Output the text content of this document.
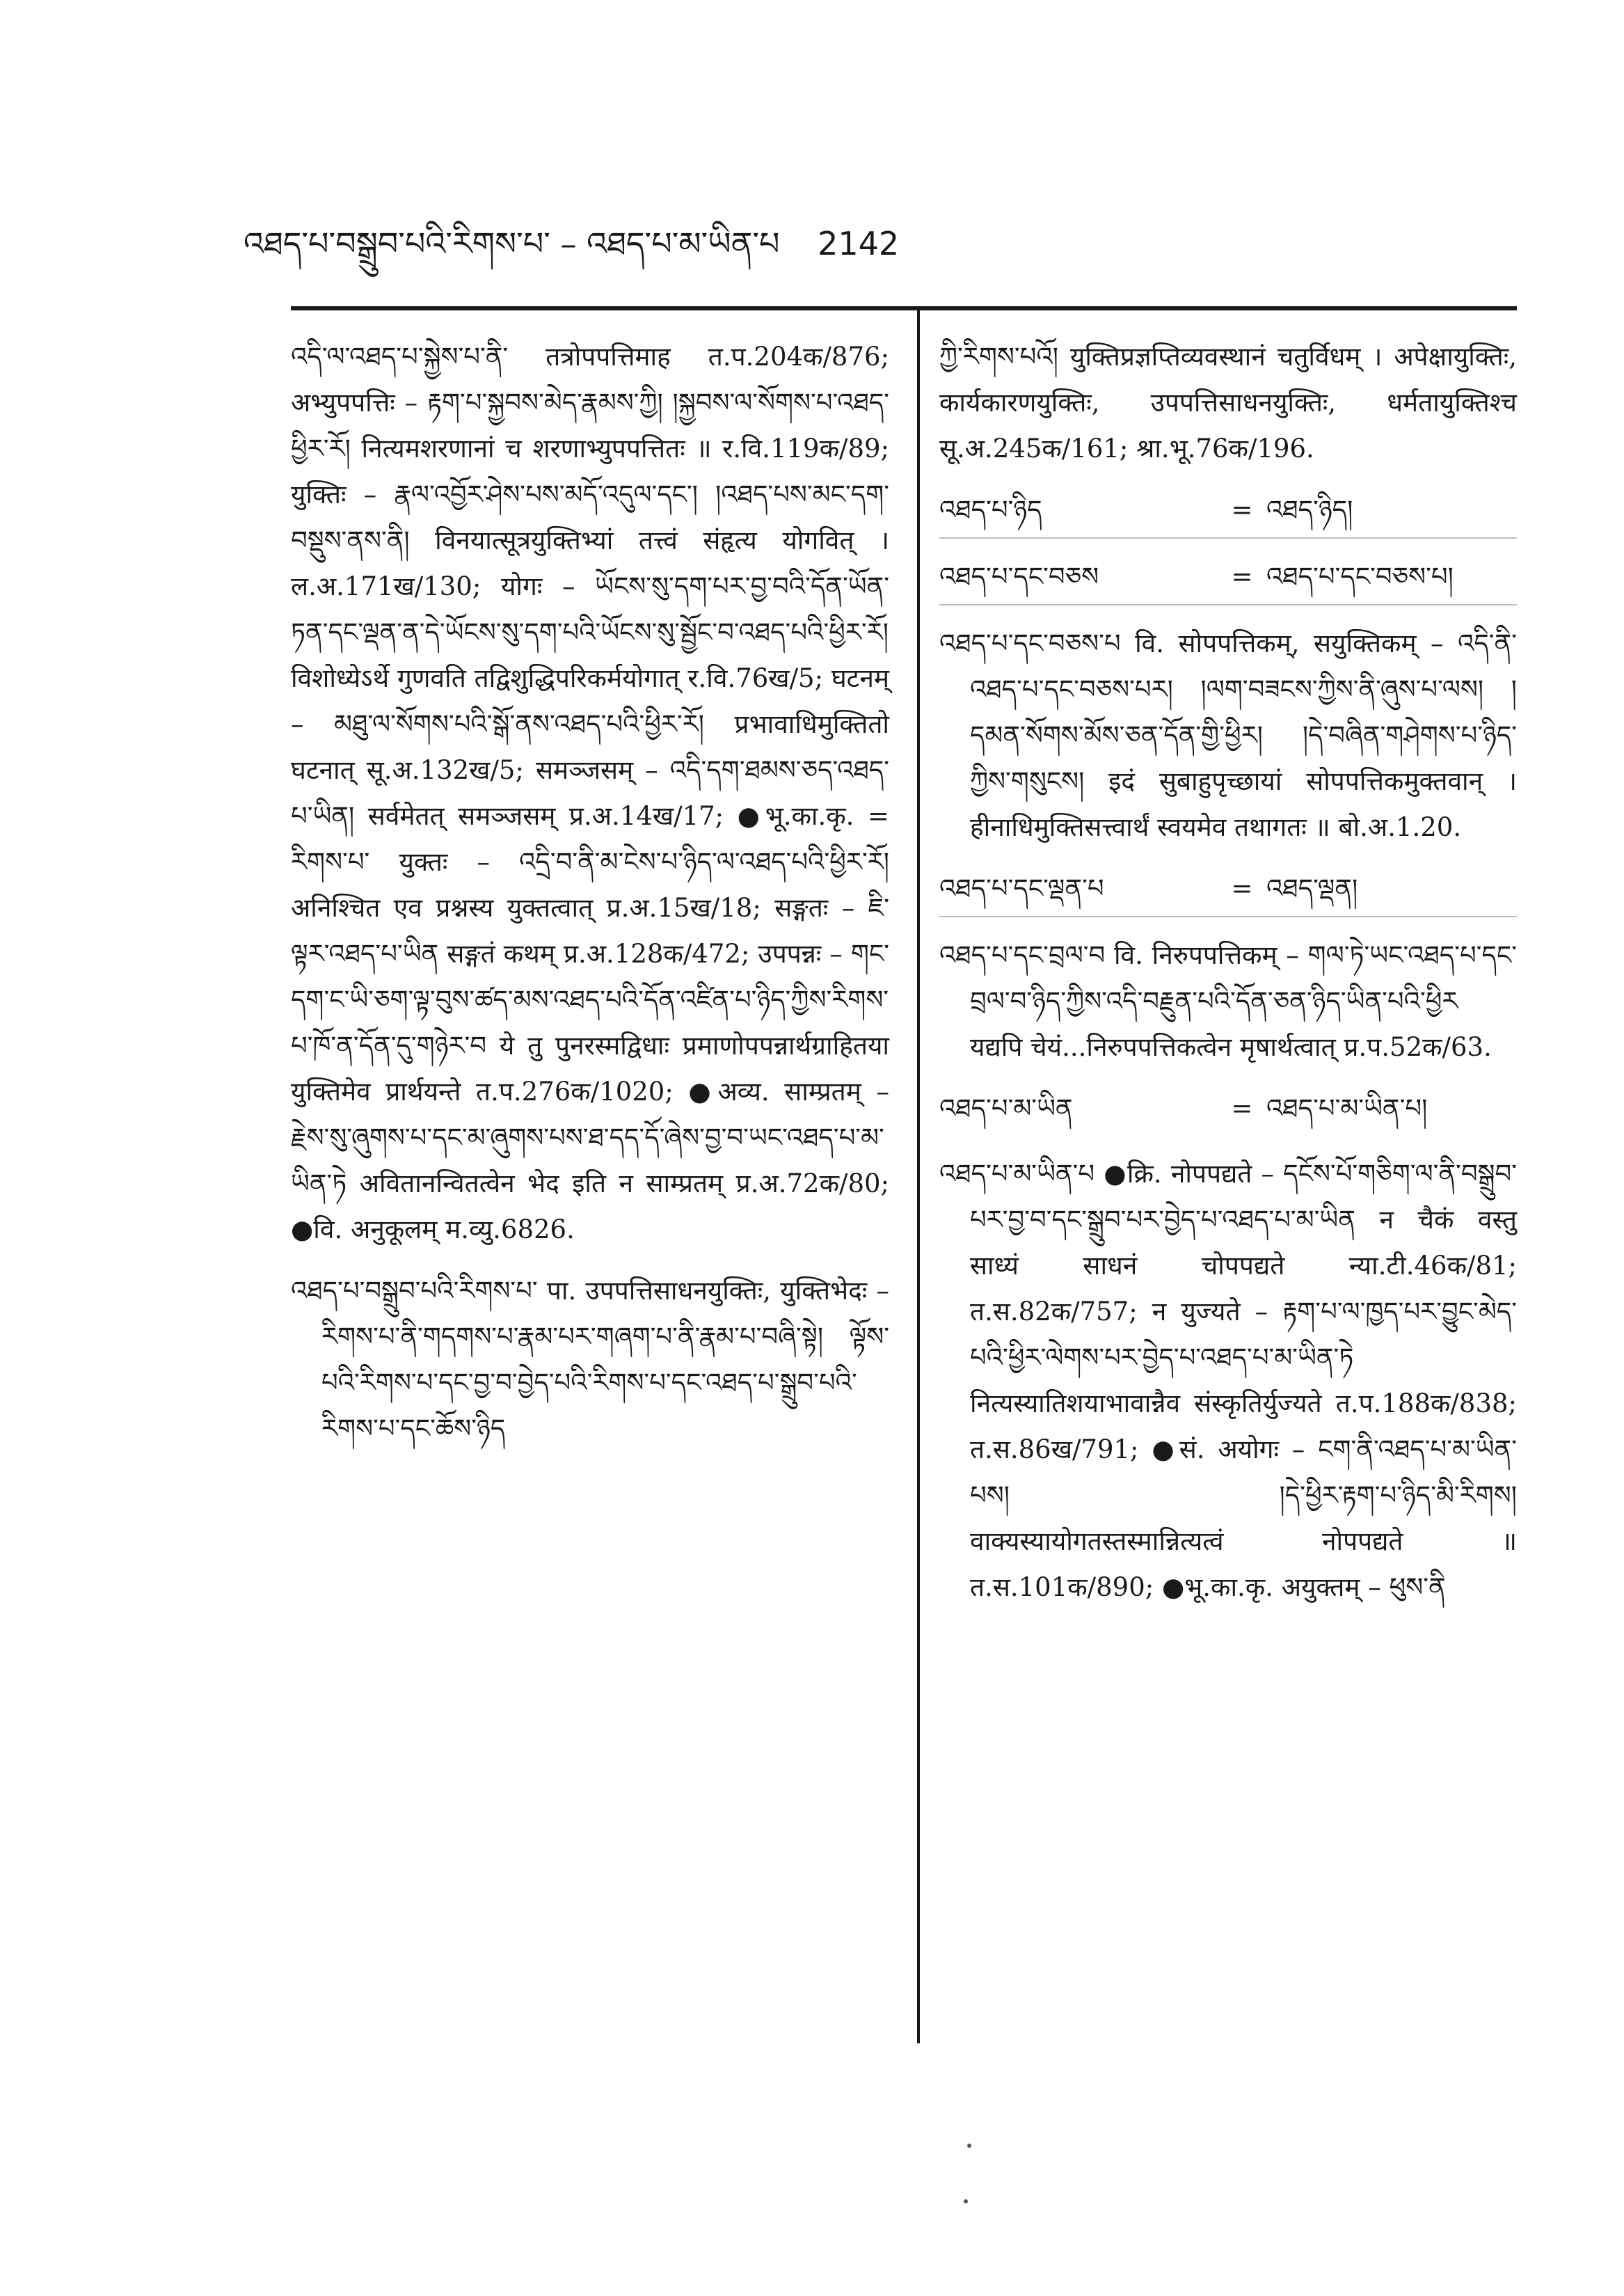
འཐད་པ་བསྒྲུབ་པའི་རིགས་པ་ – འཐད་པ་མ་ཡིན་པ 2142

འདི་ལ་འཐད་པ་སྐྱེས་པ་ནི་ तत्रोपपत्तिमाह त.प.204क/876; अभ्युपपत्तिः – རྟག་པ་སྐྱབས་མེད་རྣམས་ཀྱི། །སྐྱབས་ལ་སོགས་པ་འཐད་ཕྱིར་རོ། नित्यमशरणानां च शरणाभ्युपपत्तितः ॥ र.वि.119क/89; युक्तिः – རྣལ་འབྱོར་ཤེས་པས་མདོ་འདུལ་དང་། །འཐད་པས་མང་དག་བསྡུས་ནས་ནི། विनयात्सूत्रयुक्तिभ्यां तत्त्वं संहृत्य योगवित् । ल.अ.171ख/130; योगः – ཡོངས་སུ་དག་པར་བྱ་བའི་དོན་ཡོན་ཏན་དང་ལྡན་ན་དེ་ཡོངས་སུ་དག་པའི་ཡོངས་སུ་སྦྱོང་བ་འཐད་པའི་ཕྱིར་རོ། विशोध्येऽर्थे गुणवति तद्विशुद्धिपरिकर्मयोगात् र.वि.76ख/5; घटनम् – མཐུ་ལ་སོགས་པའི་སྒོ་ནས་འཐད་པའི་ཕྱིར་རོ། प्रभावाधिमुक्तितो घटनात् सू.अ.132ख/5; समञ्जसम् – འདི་དག་ཐམས་ཅད་འཐད་པ་ཡིན། सर्वमेतत् समञ्जसम् प्र.अ.14ख/17; ●भू.का.कृ. = རིགས་པ་ युक्तः – འདྲི་བ་ནི་མ་ངེས་པ་ཉིད་ལ་འཐད་པའི་ཕྱིར་རོ། अनिश्चित एव प्रश्नस्य युक्तत्वात् प्र.अ.15ख/18; सङ्गतः – ཇི་ལྟར་འཐད་པ་ཡིན सङ्गतं कथम् प्र.अ.128क/472; उपपन्नः – གང་དག་ང་ཡི་ཅག་ལྟ་བུས་ཚད་མས་འཐད་པའི་དོན་འཛིན་པ་ཉིད་ཀྱིས་རིགས་པ་ཁོ་ན་དོན་དུ་གཉེར་བ ये तु पुनरस्मद्विधाः प्रमाणोपपन्नार्थग्राहितया युक्तिमेव प्रार्थयन्ते त.प.276क/1020; ●अव्य. साम्प्रतम् – རྗེས་སུ་ཞུགས་པ་དང་མ་ཞུགས་པས་ཐ་དད་དོ་ཞེས་བྱ་བ་ཡང་འཐད་པ་མ་ཡིན་ཏེ अवितानन्वितत्वेन भेद इति न साम्प्रतम् प्र.अ.72क/80; ●वि. अनुकूलम् म.व्यु.6826.

འཐད་པ་བསྒྲུབ་པའི་རིགས་པ་ पा. उपपत्तिसाधनयुक्तिः, युक्तिभेदः – རིགས་པ་ནི་གདགས་པ་རྣམ་པར་གཞག་པ་ནི་རྣམ་པ་བཞི་སྟེ། ལྟོས་པའི་རིགས་པ་དང་བྱ་བ་བྱེད་པའི་རིགས་པ་དང་འཐད་པ་སྒྲུབ་པའི་རིགས་པ་དང་ཆོས་ཉིད

ཀྱི་རིགས་པའོ། युक्तिप्रज्ञप्तिव्यवस्थानं चतुर्विधम् । अपेक्षायुक्तिः, कार्यकारणयुक्तिः, उपपत्तिसाधनयुक्तिः, धर्मतायुक्तिश्च सू.अ.245क/161; श्रा.भू.76क/196.

འཐད་པ་ཉིད	= འཐད་ཉིད།
འཐད་པ་དང་བཅས	= འཐད་པ་དང་བཅས་པ།

འཐད་པ་དང་བཅས་པ वि. सोपपत्तिकम्, सयुक्तिकम् – འདི་ནི་འཐད་པ་དང་བཅས་པར། །ལག་བཟངས་ཀྱིས་ནི་ཞུས་པ་ལས། །དམན་སོགས་མོས་ཅན་དོན་གྱི་ཕྱིར། །དེ་བཞིན་གཤེགས་པ་ཉིད་ཀྱིས་གསུངས། इदं सुबाहुपृच्छायां सोपपत्तिकमुक्तवान् । हीनाधिमुक्तिसत्त्वार्थं स्वयमेव तथागतः ॥ बो.अ.1.20.

འཐད་པ་དང་ལྡན་པ	= འཐད་ལྡན།

འཐད་པ་དང་བྲལ་བ वि. निरुपपत्तिकम् – གལ་ཏེ་ཡང་འཐད་པ་དང་བྲལ་བ་ཉིད་ཀྱིས་འདི་བརྗུན་པའི་དོན་ཅན་ཉིད་ཡིན་པའི་ཕྱིར यद्यपि चेयं...निरुपपत्तिकत्वेन मृषार्थत्वात् प्र.प.52क/63.

འཐད་པ་མ་ཡིན	= འཐད་པ་མ་ཡིན་པ།

འཐད་པ་མ་ཡིན་པ ●क्रि. नोपपद्यते – དངོས་པོ་གཅིག་ལ་ནི་བསྒྲུབ་པར་བྱ་བ་དང་སྒྲུབ་པར་བྱེད་པ་འཐད་པ་མ་ཡིན न चैकं वस्तु साध्यं साधनं चोपपद्यते न्या.टी.46क/81; त.स.82क/757; न युज्यते – རྟག་པ་ལ་ཁྱད་པར་བྱུང་མེད་པའི་ཕྱིར་ལེགས་པར་བྱེད་པ་འཐད་པ་མ་ཡིན་ཏེ नित्यस्यातिशयाभावान्नैव संस्कृतिर्युज्यते त.प.188क/838; त.स.86ख/791; ●सं. अयोगः – ངག་ནི་འཐད་པ་མ་ཡིན་པས། །དེ་ཕྱིར་རྟག་པ་ཉིད་མི་རིགས། वाक्यस्यायोगतस्तस्मान्नित्यत्वं नोपपद्यते ॥ त.स.101क/890; ●भू.का.कृ. अयुक्तम् – ཕུས་ནི
